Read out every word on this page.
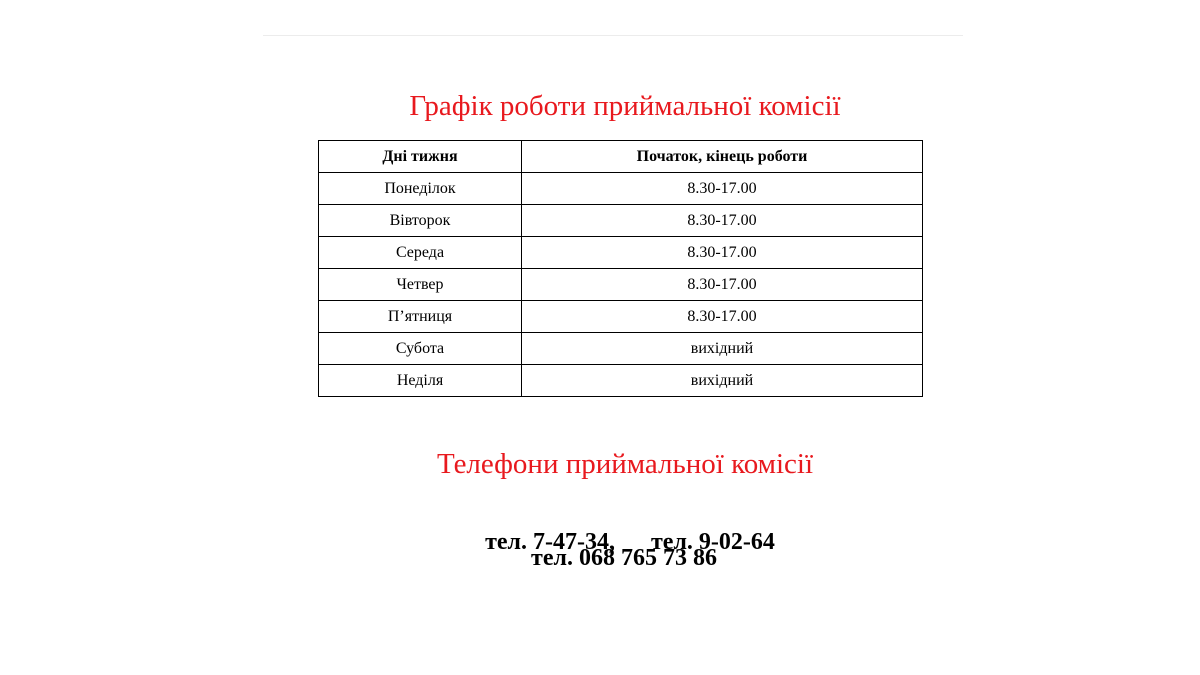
Графік роботи приймальної комісії
Дні тижня	Початок, кінець роботи
Понеділок	8.30-17.00
Вівторок	8.30-17.00
Середа	8.30-17.00
Четвер	8.30-17.00
П’ятниця	8.30-17.00
Субота	вихідний
Неділя	вихідний
Телефони приймальної комісії

тел. 7-47-34, тел. 9-02-64

тел. 068 765 73 86
